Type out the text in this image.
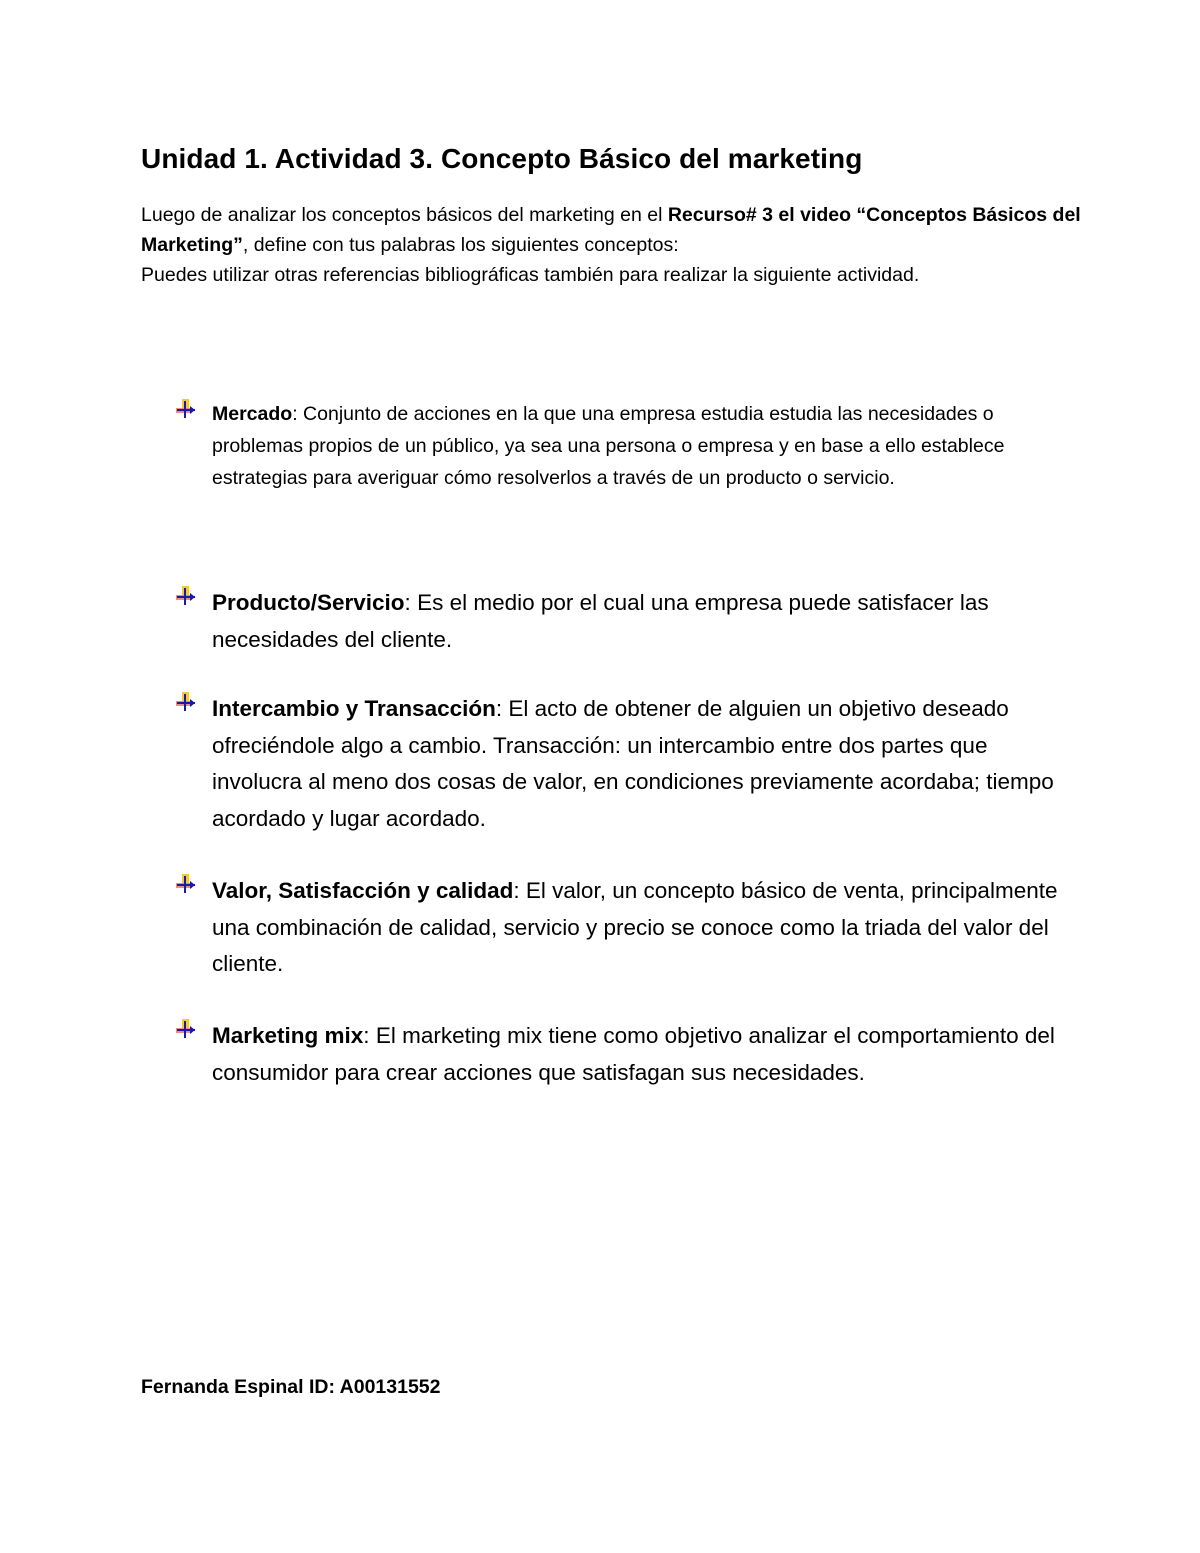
Unidad 1. Actividad 3. Concepto Básico del marketing

Luego de analizar los conceptos básicos del marketing en el Recurso# 3 el video “Conceptos Básicos del Marketing”, define con tus palabras los siguientes conceptos:

Puedes utilizar otras referencias bibliográficas también para realizar la siguiente actividad.

Mercado: Conjunto de acciones en la que una empresa estudia estudia las necesidades o problemas propios de un público, ya sea una persona o empresa y en base a ello establece estrategias para averiguar cómo resolverlos a través de un producto o servicio.

Producto/Servicio: Es el medio por el cual una empresa puede satisfacer las necesidades del cliente.

Intercambio y Transacción: El acto de obtener de alguien un objetivo deseado ofreciéndole algo a cambio. Transacción: un intercambio entre dos partes que involucra al meno dos cosas de valor, en condiciones previamente acordaba; tiempo acordado y lugar acordado.

Valor, Satisfacción y calidad: El valor, un concepto básico de venta, principalmente una combinación de calidad, servicio y precio se conoce como la triada del valor del cliente.

Marketing mix: El marketing mix tiene como objetivo analizar el comportamiento del consumidor para crear acciones que satisfagan sus necesidades.

Fernanda Espinal ID: A00131552
